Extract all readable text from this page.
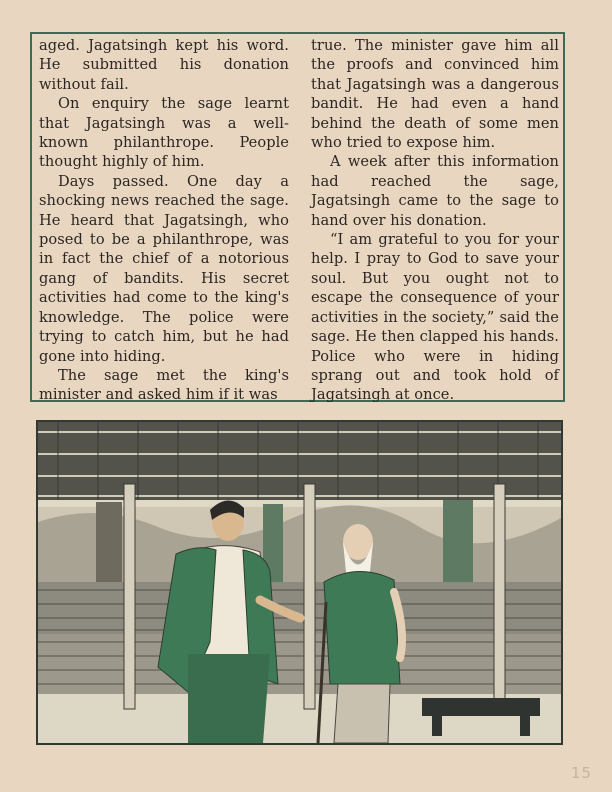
aged. Jagatsingh kept his word. He submitted his donation without fail.

On enquiry the sage learnt that Jagatsingh was a well-known philanthrope. People thought highly of him.

Days passed. One day a shocking news reached the sage. He heard that Jagatsingh, who posed to be a philanthrope, was in fact the chief of a notorious gang of bandits. His secret activities had come to the king's knowledge. The police were trying to catch him, but he had gone into hiding.

The sage met the king's minister and asked him if it was

true. The minister gave him all the proofs and convinced him that Jagatsingh was a dangerous bandit. He had even a hand behind the death of some men who tried to expose him.

A week after this information had reached the sage, Jagatsingh came to the sage to hand over his donation.

“I am grateful to you for your help. I pray to God to save your soul. But you ought not to escape the consequence of your activities in the society,” said the sage. He then clapped his hands. Police who were in hiding sprang out and took hold of Jagatsingh at once.

15
